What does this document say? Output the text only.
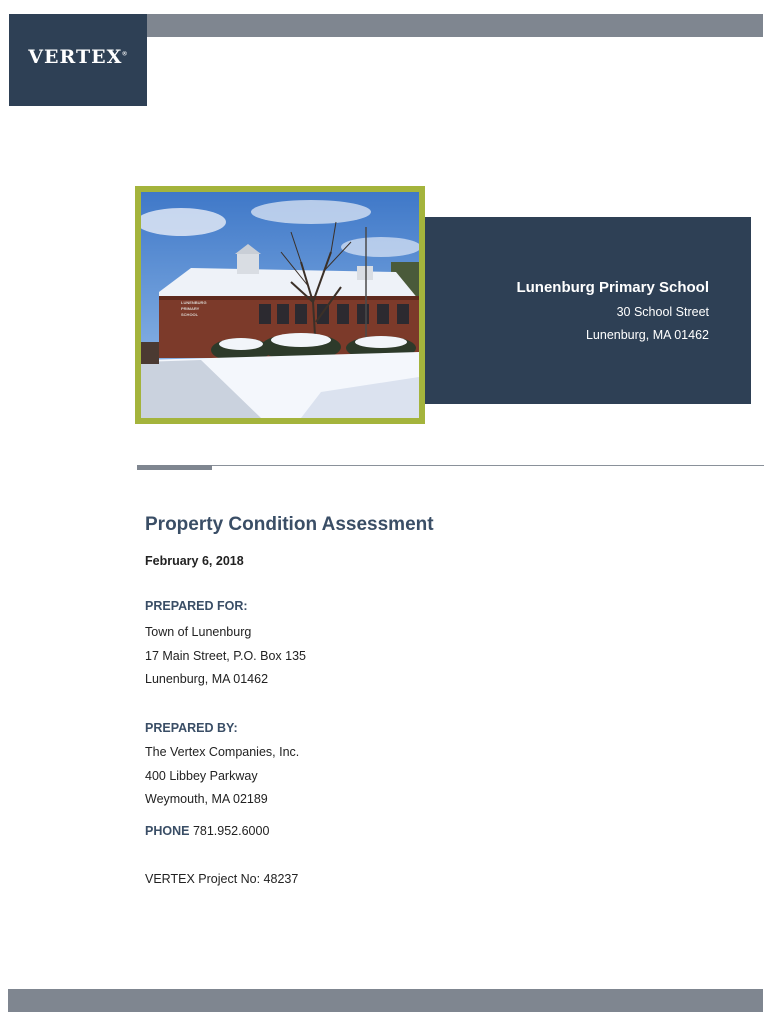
VERTEX®
LUNENBURG
PRIMARY
SCHOOL
Lunenburg Primary School
30 School Street
Lunenburg, MA 01462
Property Condition Assessment
February 6, 2018
PREPARED FOR:
Town of Lunenburg
17 Main Street, P.O. Box 135
Lunenburg, MA 01462
PREPARED BY:
The Vertex Companies, Inc.
400 Libbey Parkway
Weymouth, MA 02189
PHONE 781.952.6000
VERTEX Project No: 48237
